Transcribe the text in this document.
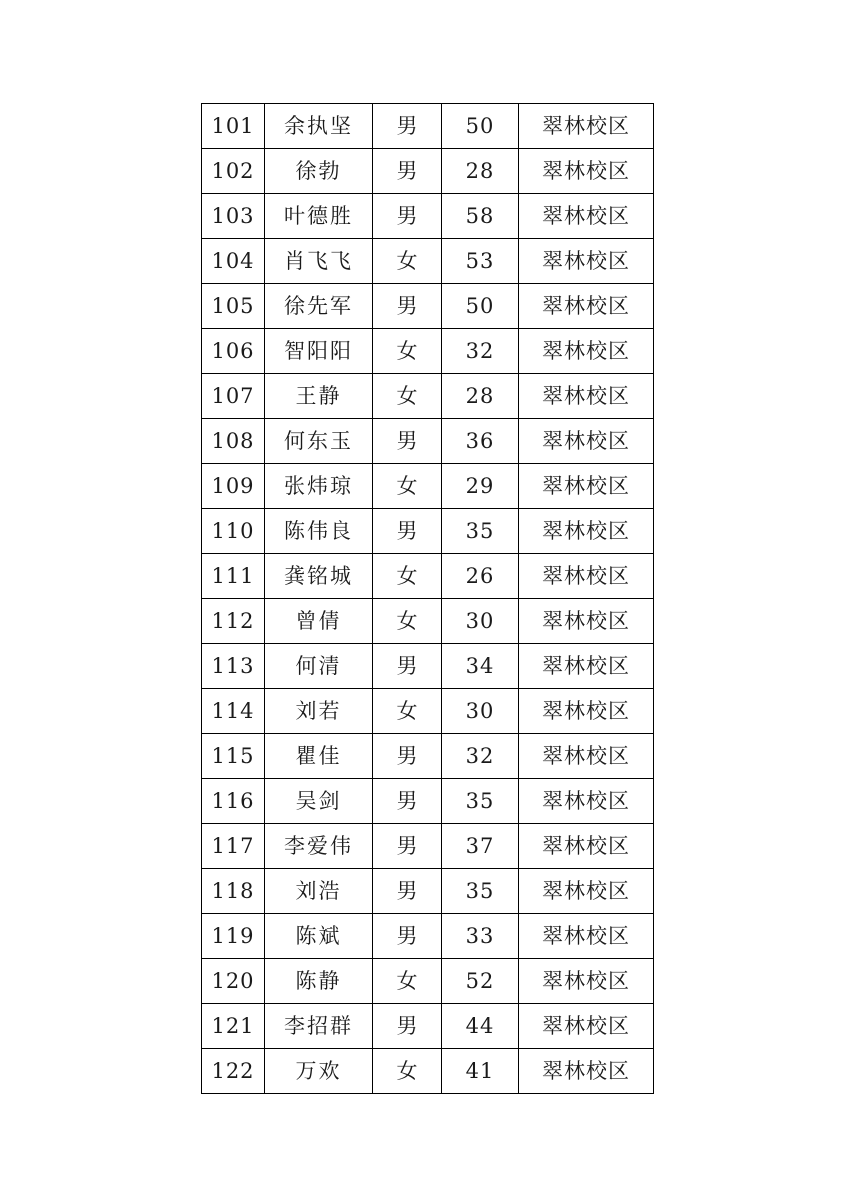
101	余执坚	男	50	翠林校区
102	徐勃	男	28	翠林校区
103	叶德胜	男	58	翠林校区
104	肖飞飞	女	53	翠林校区
105	徐先军	男	50	翠林校区
106	智阳阳	女	32	翠林校区
107	王静	女	28	翠林校区
108	何东玉	男	36	翠林校区
109	张炜琼	女	29	翠林校区
110	陈伟良	男	35	翠林校区
111	龚铭城	女	26	翠林校区
112	曾倩	女	30	翠林校区
113	何清	男	34	翠林校区
114	刘若	女	30	翠林校区
115	瞿佳	男	32	翠林校区
116	吴剑	男	35	翠林校区
117	李爱伟	男	37	翠林校区
118	刘浩	男	35	翠林校区
119	陈斌	男	33	翠林校区
120	陈静	女	52	翠林校区
121	李招群	男	44	翠林校区
122	万欢	女	41	翠林校区
